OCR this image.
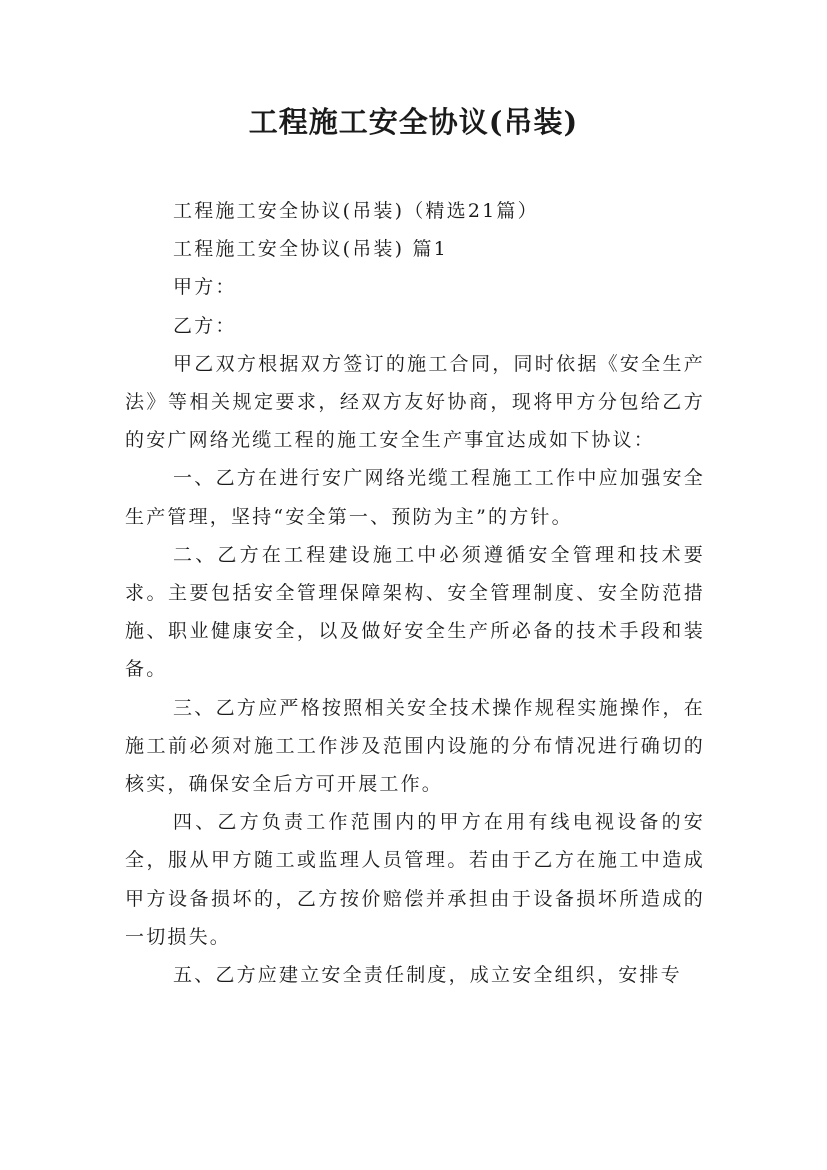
工程施工安全协议(吊装)

工程施工安全协议(吊装)（精选21篇）

工程施工安全协议(吊装) 篇1

甲方：

乙方：

甲乙双方根据双方签订的施工合同，同时依据《安全生产法》等相关规定要求，经双方友好协商，现将甲方分包给乙方的安广网络光缆工程的施工安全生产事宜达成如下协议：

一、乙方在进行安广网络光缆工程施工工作中应加强安全生产管理，坚持“安全第一、预防为主”的方针。

二、乙方在工程建设施工中必须遵循安全管理和技术要求。主要包括安全管理保障架构、安全管理制度、安全防范措施、职业健康安全，以及做好安全生产所必备的技术手段和装备。

三、乙方应严格按照相关安全技术操作规程实施操作，在施工前必须对施工工作涉及范围内设施的分布情况进行确切的核实，确保安全后方可开展工作。

四、乙方负责工作范围内的甲方在用有线电视设备的安全，服从甲方随工或监理人员管理。若由于乙方在施工中造成甲方设备损坏的，乙方按价赔偿并承担由于设备损坏所造成的一切损失。

五、乙方应建立安全责任制度，成立安全组织，安排专
